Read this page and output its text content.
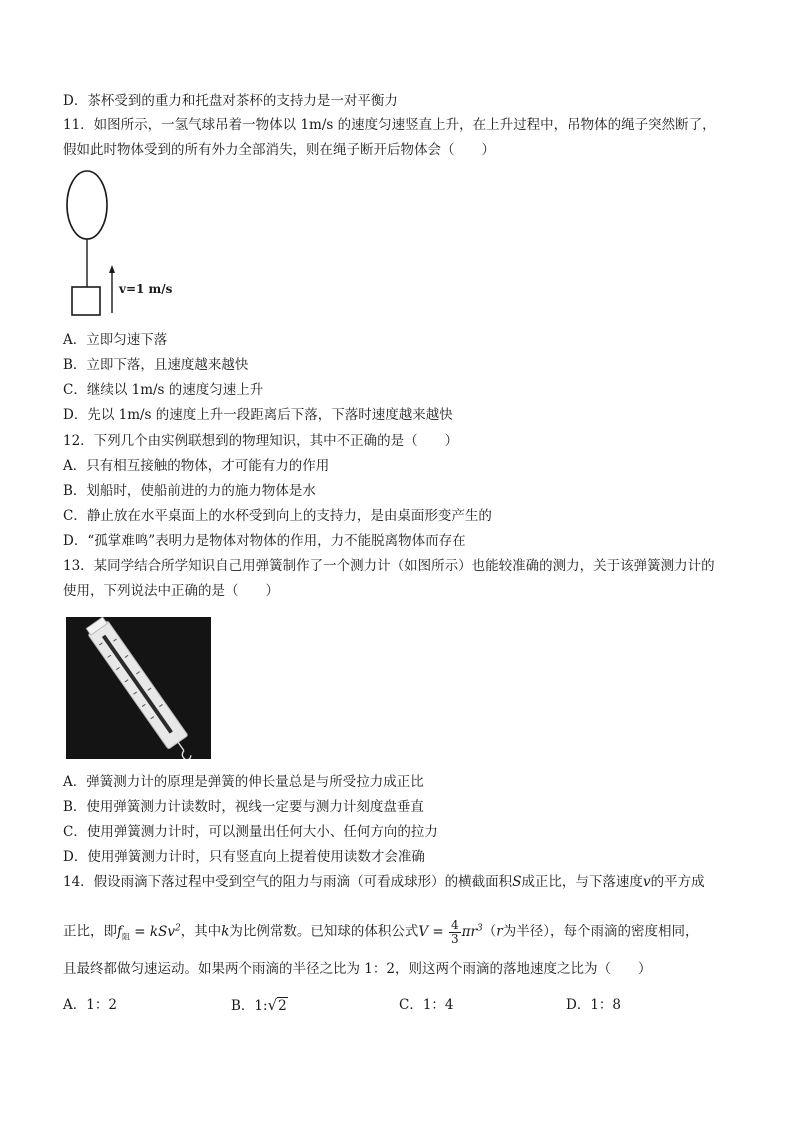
D．茶杯受到的重力和托盘对茶杯的支持力是一对平衡力
11．如图所示，一氢气球吊着一物体以 1m/s 的速度匀速竖直上升，在上升过程中，吊物体的绳子突然断了，
假如此时物体受到的所有外力全部消失，则在绳子断开后物体会（　　）
v=1 m/s
A．立即匀速下落
B．立即下落，且速度越来越快
C．继续以 1m/s 的速度匀速上升
D．先以 1m/s 的速度上升一段距离后下落，下落时速度越来越快
12．下列几个由实例联想到的物理知识，其中不正确的是（　　）
A．只有相互接触的物体，才可能有力的作用
B．划船时，使船前进的力的施力物体是水
C．静止放在水平桌面上的水杯受到向上的支持力，是由桌面形变产生的
D．“孤掌难鸣”表明力是物体对物体的作用，力不能脱离物体而存在
13．某同学结合所学知识自己用弹簧制作了一个测力计（如图所示）也能较准确的测力，关于该弹簧测力计的
使用，下列说法中正确的是（　　）
A．弹簧测力计的原理是弹簧的伸长量总是与所受拉力成正比
B．使用弹簧测力计读数时，视线一定要与测力计刻度盘垂直
C．使用弹簧测力计时，可以测量出任何大小、任何方向的拉力
D．使用弹簧测力计时，只有竖直向上提着使用读数才会准确
14．假设雨滴下落过程中受到空气的阻力与雨滴（可看成球形）的横截面积S成正比，与下落速度v的平方成
正比，即$f_阻 = kSv^2$，其中k为比例常数。已知球的体积公式$V = \frac{4}{3} \pi r^3(r$为半径），每个雨滴的密度相同，
且最终都做匀速运动。如果两个雨滴的半径之比为 1：2，则这两个雨滴的落地速度之比为（　　）
A．1：2	B．1:√2	C．1：4	D．1：8
